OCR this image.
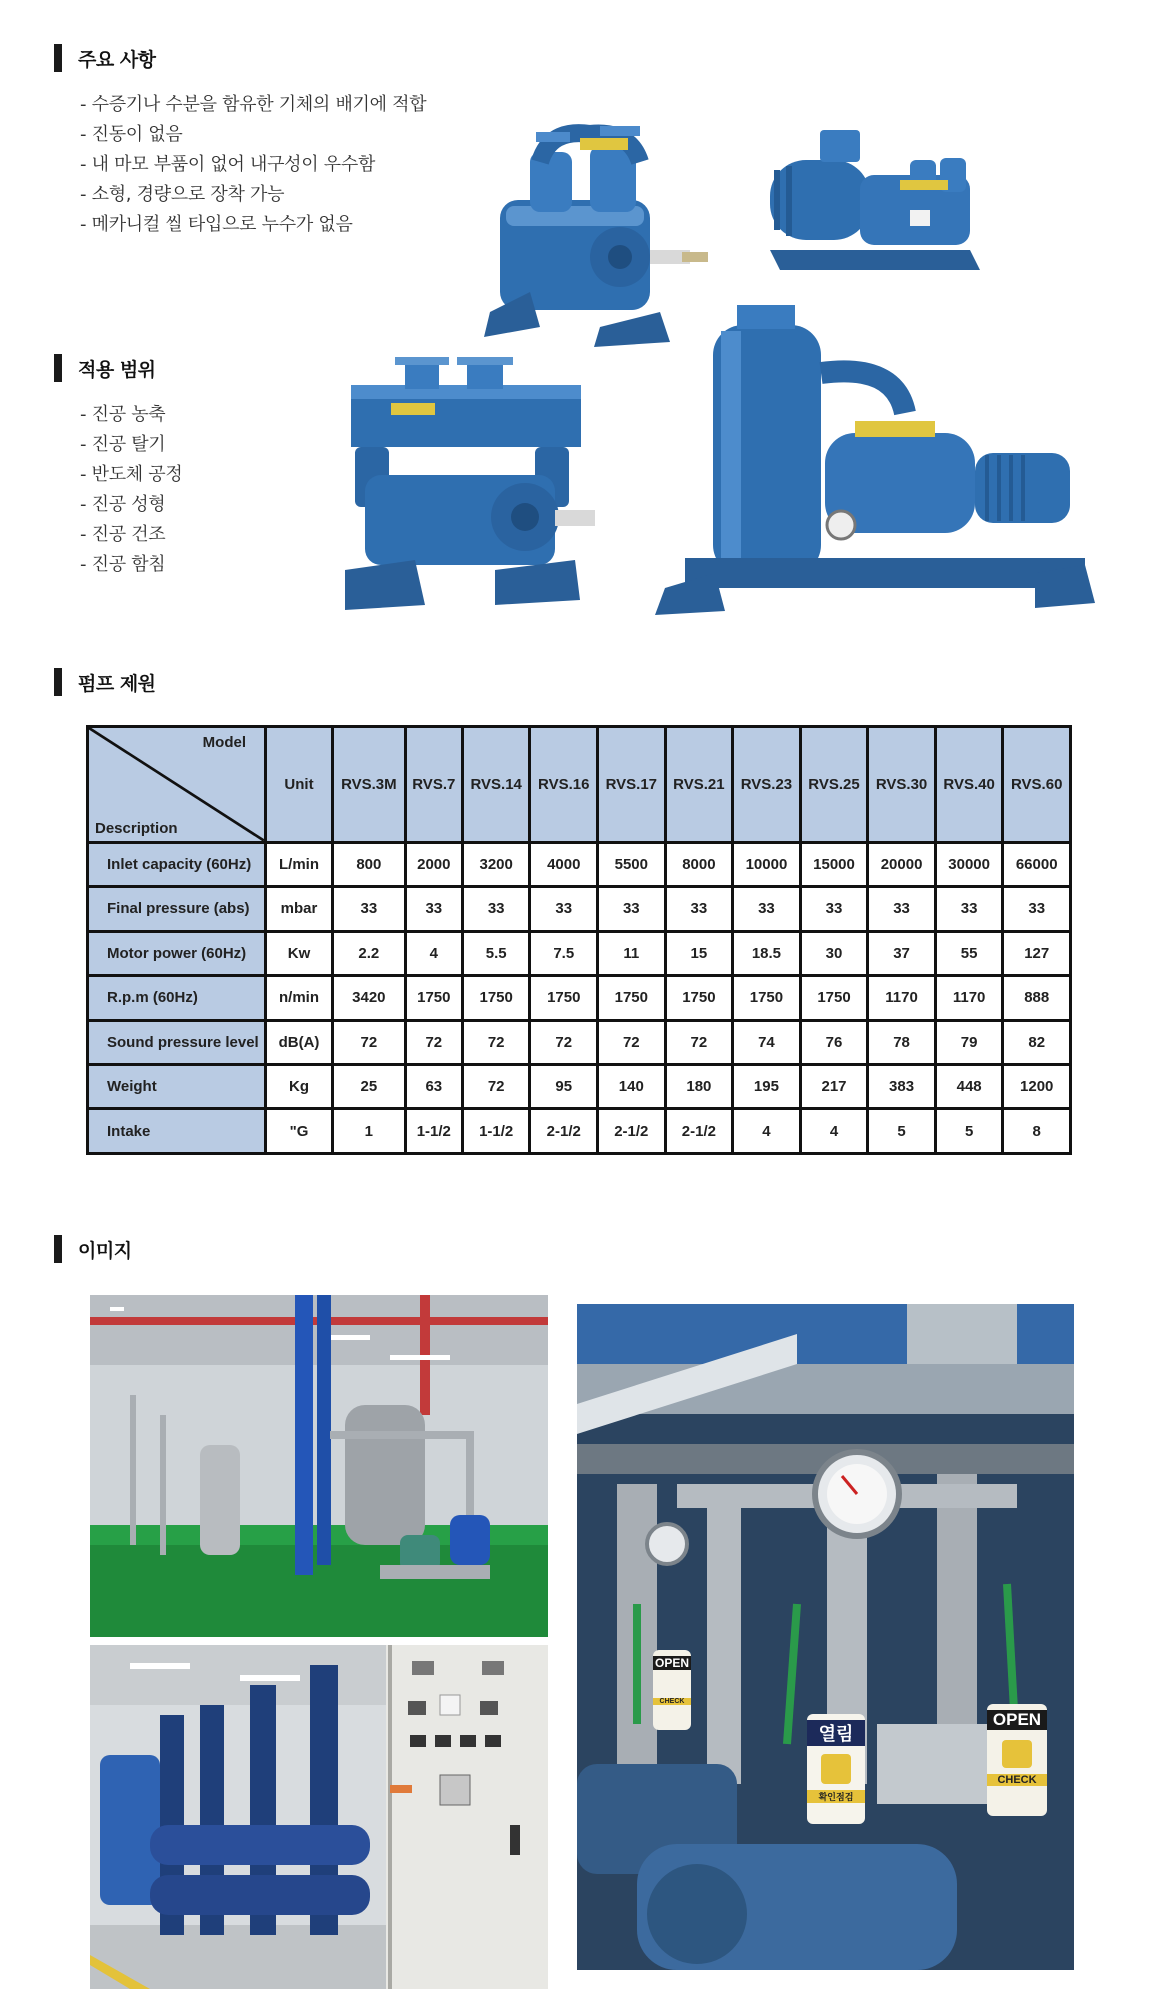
주요 사항
- 수증기나 수분을 함유한 기체의 배기에 적합
- 진동이 없음
- 내 마모 부품이 없어 내구성이 우수함
- 소형, 경량으로 장착 가능
- 메카니컬 씰 타입으로 누수가 없음
적용 범위
- 진공 농축
- 진공 탈기
- 반도체 공정
- 진공 성형
- 진공 건조
- 진공 함침
펌프 제원
Model
Description	Unit	RVS.3M	RVS.7	RVS.14	RVS.16	RVS.17	RVS.21	RVS.23	RVS.25	RVS.30	RVS.40	RVS.60
Inlet capacity (60Hz)	L/min	800	2000	3200	4000	5500	8000	10000	15000	20000	30000	66000
Final pressure (abs)	mbar	33	33	33	33	33	33	33	33	33	33	33
Motor power (60Hz)	Kw	2.2	4	5.5	7.5	11	15	18.5	30	37	55	127
R.p.m (60Hz)	n/min	3420	1750	1750	1750	1750	1750	1750	1750	1170	1170	888
Sound pressure level	dB(A)	72	72	72	72	72	72	74	76	78	79	82
Weight	Kg	25	63	72	95	140	180	195	217	383	448	1200
Intake	"G	1	1-1/2	1-1/2	2-1/2	2-1/2	2-1/2	4	4	5	5	8
이미지
OPEN
CHECK
열림
확인점검
OPEN
CHECK
